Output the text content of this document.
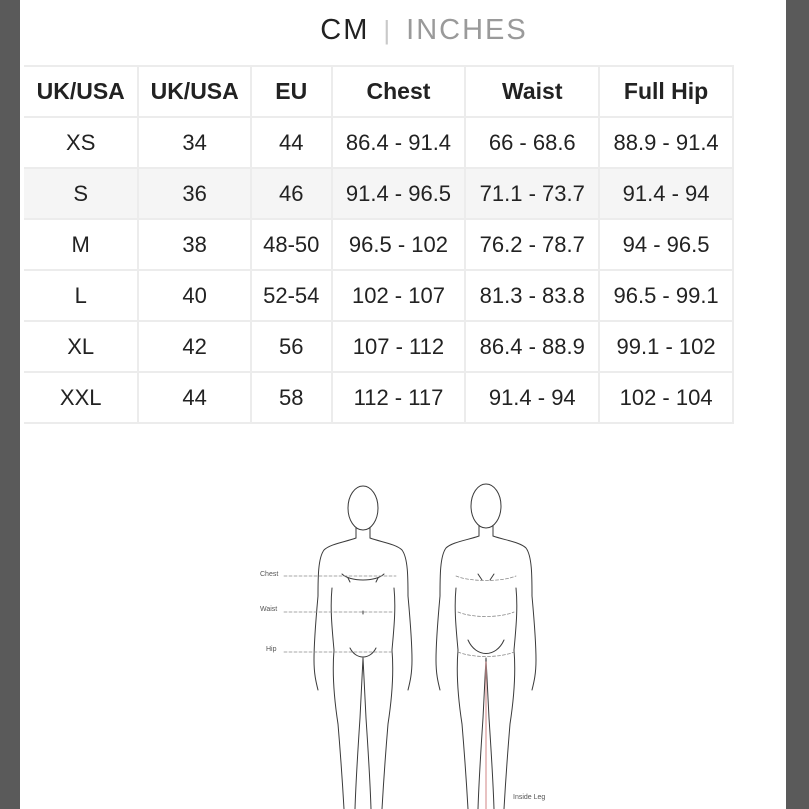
CM | INCHES
UK/USA	UK/USA	EU	Chest	Waist	Full Hip
XS	34	44	86.4 - 91.4	66 - 68.6	88.9 - 91.4
S	36	46	91.4 - 96.5	71.1 - 73.7	91.4 - 94
M	38	48-50	96.5 - 102	76.2 - 78.7	94 - 96.5
L	40	52-54	102 - 107	81.3 - 83.8	96.5 - 99.1
XL	42	56	107 - 112	86.4 - 88.9	99.1 - 102
XXL	44	58	112 - 117	91.4 - 94	102 - 104
Chest
Waist
Hip
Inside Leg
